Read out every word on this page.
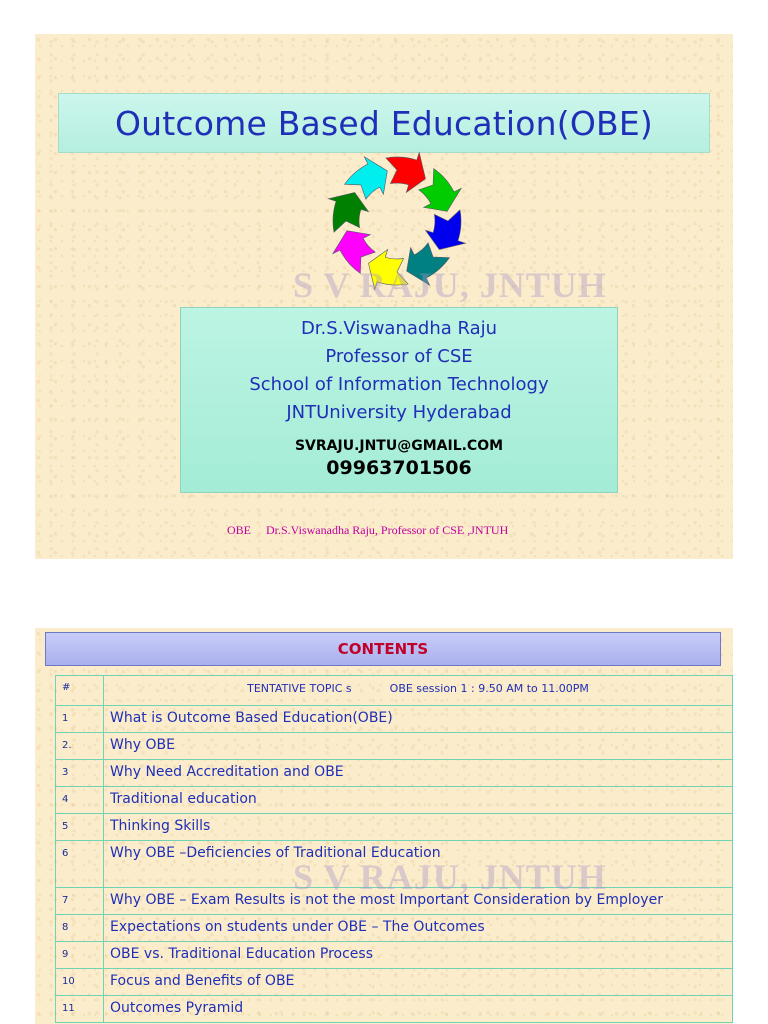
Outcome Based Education(OBE)
S V RAJU, JNTUH
Dr.S.Viswanadha Raju
Professor of CSE
School of Information Technology
JNTUniversity Hyderabad
SVRAJU.JNTU@GMAIL.COM
09963701506
OBE Dr.S.Viswanadha Raju, Professor of CSE ,JNTUH
CONTENTS
#	TENTATIVE TOPIC s OBE session 1 : 9.50 AM to 11.00PM

1	What is Outcome Based Education(OBE)
2.	Why OBE
3	Why Need Accreditation and OBE
4	Traditional education
5	Thinking Skills
6	Why OBE –Deficiencies of Traditional Education
7	Why OBE – Exam Results is not the most Important Consideration by Employer
8	Expectations on students under OBE – The Outcomes
9	OBE vs. Traditional Education Process
10	Focus and Benefits of OBE
11	Outcomes Pyramid
S V RAJU, JNTUH
